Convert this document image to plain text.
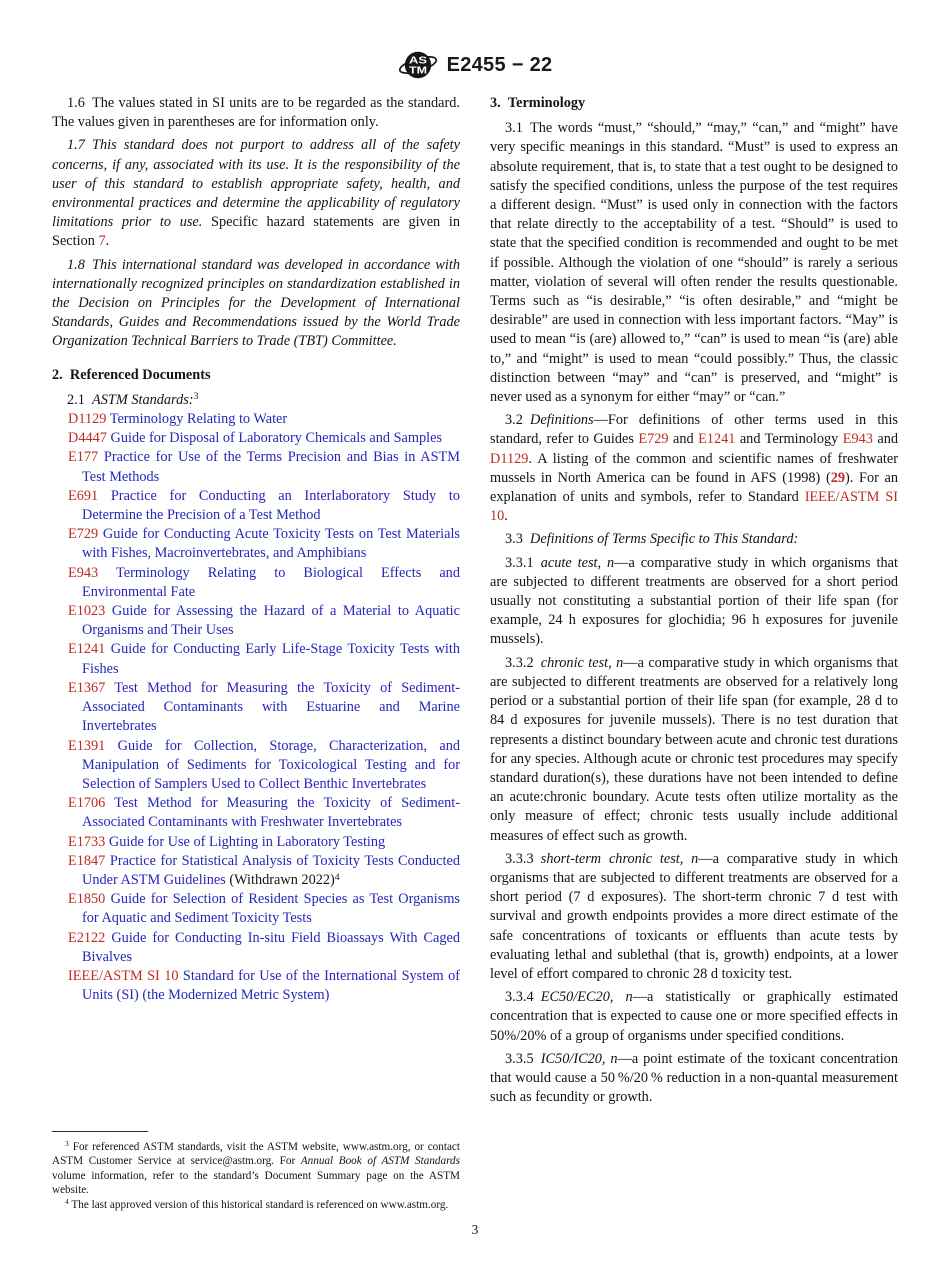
AS
TM E2455 − 22

1.6 The values stated in SI units are to be regarded as the standard. The values given in parentheses are for information only.

1.7 This standard does not purport to address all of the safety concerns, if any, associated with its use. It is the responsibility of the user of this standard to establish appropriate safety, health, and environmental practices and determine the applicability of regulatory limitations prior to use. Specific hazard statements are given in Section 7.

1.8 This international standard was developed in accordance with internationally recognized principles on standardization established in the Decision on Principles for the Development of International Standards, Guides and Recommendations issued by the World Trade Organization Technical Barriers to Trade (TBT) Committee.

2. Referenced Documents

2.1 ASTM Standards:$^3$

D1129 Terminology Relating to Water
D4447 Guide for Disposal of Laboratory Chemicals and Samples
E177 Practice for Use of the Terms Precision and Bias in ASTM Test Methods
E691 Practice for Conducting an Interlaboratory Study to Determine the Precision of a Test Method
E729 Guide for Conducting Acute Toxicity Tests on Test Materials with Fishes, Macroinvertebrates, and Amphibians
E943 Terminology Relating to Biological Effects and Environmental Fate
E1023 Guide for Assessing the Hazard of a Material to Aquatic Organisms and Their Uses
E1241 Guide for Conducting Early Life-Stage Toxicity Tests with Fishes
E1367 Test Method for Measuring the Toxicity of Sediment-Associated Contaminants with Estuarine and Marine Invertebrates
E1391 Guide for Collection, Storage, Characterization, and Manipulation of Sediments for Toxicological Testing and for Selection of Samplers Used to Collect Benthic Invertebrates
E1706 Test Method for Measuring the Toxicity of Sediment-Associated Contaminants with Freshwater Invertebrates
E1733 Guide for Use of Lighting in Laboratory Testing
E1847 Practice for Statistical Analysis of Toxicity Tests Conducted Under ASTM Guidelines (Withdrawn 2022)$^4$
E1850 Guide for Selection of Resident Species as Test Organisms for Aquatic and Sediment Toxicity Tests
E2122 Guide for Conducting In-situ Field Bioassays With Caged Bivalves
IEEE/ASTM SI 10 Standard for Use of the International System of Units (SI) (the Modernized Metric System)

$^3$ For referenced ASTM standards, visit the ASTM website, www.astm.org, or contact ASTM Customer Service at service@astm.org. For Annual Book of ASTM Standards volume information, refer to the standard’s Document Summary page on the ASTM website.

$^4$ The last approved version of this historical standard is referenced on www.astm.org.

3. Terminology

3.1 The words “must,” “should,” “may,” “can,” and “might” have very specific meanings in this standard. “Must” is used to express an absolute requirement, that is, to state that a test ought to be designed to satisfy the specified conditions, unless the purpose of the test requires a different design. “Must” is used only in connection with the factors that relate directly to the acceptability of a test. “Should” is used to state that the specified condition is recommended and ought to be met if possible. Although the violation of one “should” is rarely a serious matter, violation of several will often render the results questionable. Terms such as “is desirable,” “is often desirable,” and “might be desirable” are used in connection with less important factors. “May” is used to mean “is (are) allowed to,” “can” is used to mean “is (are) able to,” and “might” is used to mean “could possibly.” Thus, the classic distinction between “may” and “can” is preserved, and “might” is never used as a synonym for either “may” or “can.”

3.2 Definitions—For definitions of other terms used in this standard, refer to Guides E729 and E1241 and Terminology E943 and D1129. A listing of the common and scientific names of freshwater mussels in North America can be found in AFS (1998) (29). For an explanation of units and symbols, refer to Standard IEEE/ASTM SI 10.

3.3 Definitions of Terms Specific to This Standard:

3.3.1 acute test, n—a comparative study in which organisms that are subjected to different treatments are observed for a short period usually not constituting a substantial portion of their life span (for example, 24 h exposures for glochidia; 96 h exposures for juvenile mussels).

3.3.2 chronic test, n—a comparative study in which organisms that are subjected to different treatments are observed for a relatively long period or a substantial portion of their life span (for example, 28 d to 84 d exposures for juvenile mussels). There is no test duration that represents a distinct boundary between acute and chronic test durations for any species. Although acute or chronic test procedures may specify standard duration(s), these durations have not been intended to define an acute:chronic boundary. Acute tests often utilize mortality as the only measure of effect; chronic tests usually include additional measures of effect such as growth.

3.3.3 short-term chronic test, n—a comparative study in which organisms that are subjected to different treatments are observed for a short period (7 d exposures). The short-term chronic 7 d test with survival and growth endpoints provides a more direct estimate of the safe concentrations of toxicants or effluents than acute tests by evaluating lethal and sublethal (that is, growth) endpoints, at a lower level of effort compared to chronic 28 d toxicity test.

3.3.4 EC50/EC20, n—a statistically or graphically estimated concentration that is expected to cause one or more specified effects in 50%/20% of a group of organisms under specified conditions.

3.3.5 IC50/IC20, n—a point estimate of the toxicant concentration that would cause a 50 %/20 % reduction in a non-quantal measurement such as fecundity or growth.

3
